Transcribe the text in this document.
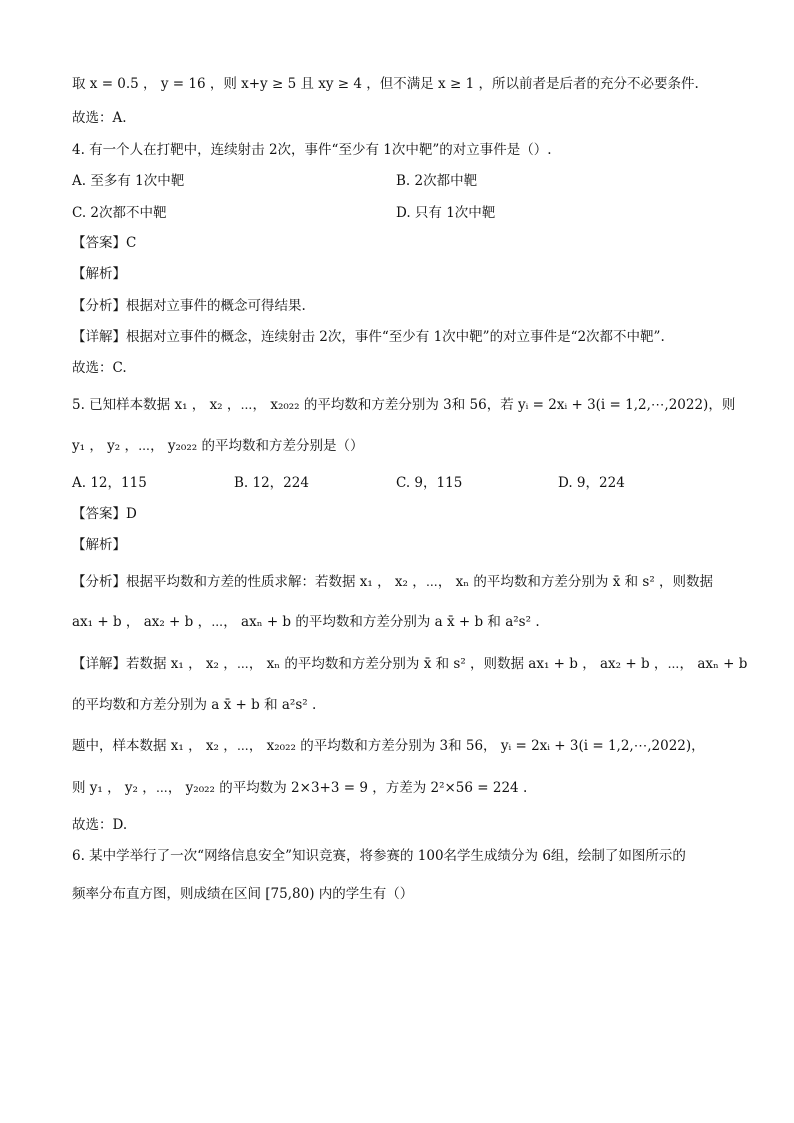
取 x = 0.5 ， y = 16 ，则 x+y ≥ 5 且 xy ≥ 4 ，但不满足 x ≥ 1 ，所以前者是后者的充分不必要条件.
故选：A.
4. 有一个人在打靶中，连续射击 2次，事件“至少有 1次中靶”的对立事件是（）.
A. 至多有 1次中靶	B. 2次都中靶
C. 2次都不中靶	D. 只有 1次中靶
【答案】C
【解析】
【分析】根据对立事件的概念可得结果.
【详解】根据对立事件的概念，连续射击 2次，事件“至少有 1次中靶”的对立事件是“2次都不中靶”.
故选：C.
5. 已知样本数据 x₁ ， x₂ ，⋯， x₂₀₂₂ 的平均数和方差分别为 3和 56，若 yᵢ = 2xᵢ + 3(i = 1,2,⋯,2022)，则
y₁ ， y₂ ，⋯， y₂₀₂₂ 的平均数和方差分别是（）
A. 12，115	B. 12，224	C. 9，115	D. 9，224
【答案】D
【解析】
【分析】根据平均数和方差的性质求解：若数据 x₁ ， x₂ ，⋯， xₙ 的平均数和方差分别为 x̄ 和 s² ，则数据
ax₁ + b ， ax₂ + b ，⋯， axₙ + b 的平均数和方差分别为 a x̄ + b 和 a²s² .
【详解】若数据 x₁ ， x₂ ，⋯， xₙ 的平均数和方差分别为 x̄ 和 s² ，则数据 ax₁ + b ， ax₂ + b ，⋯， axₙ + b
的平均数和方差分别为 a x̄ + b 和 a²s² .
题中，样本数据 x₁ ， x₂ ，⋯， x₂₀₂₂ 的平均数和方差分别为 3和 56， yᵢ = 2xᵢ + 3(i = 1,2,⋯,2022)，
则 y₁ ， y₂ ，⋯， y₂₀₂₂ 的平均数为 2×3+3 = 9 ，方差为 2²×56 = 224 .
故选：D.
6. 某中学举行了一次“网络信息安全”知识竞赛，将参赛的 100名学生成绩分为 6组，绘制了如图所示的
频率分布直方图，则成绩在区间 [75,80) 内的学生有（）
